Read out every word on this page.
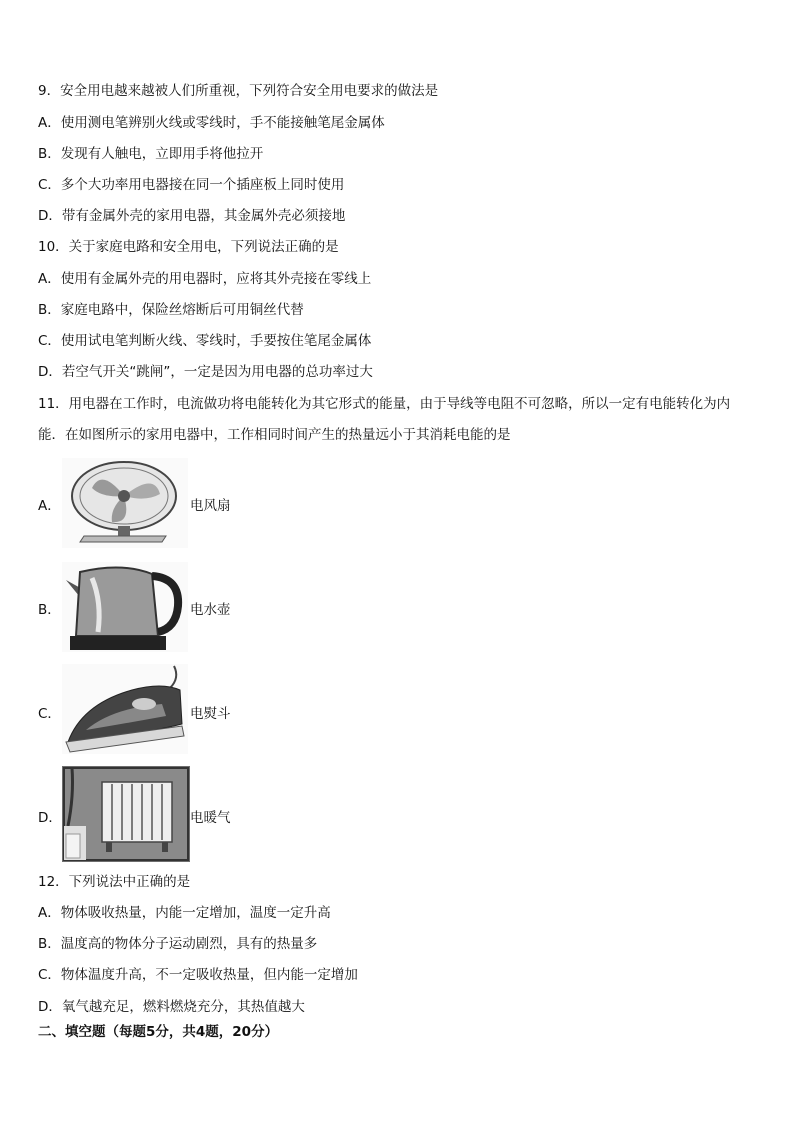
9．安全用电越来越被人们所重视，下列符合安全用电要求的做法是
A．使用测电笔辨别火线或零线时，手不能接触笔尾金属体
B．发现有人触电，立即用手将他拉开
C．多个大功率用电器接在同一个插座板上同时使用
D．带有金属外壳的家用电器，其金属外壳必须接地
10．关于家庭电路和安全用电，下列说法正确的是
A．使用有金属外壳的用电器时，应将其外壳接在零线上
B．家庭电路中，保险丝熔断后可用铜丝代替
C．使用试电笔判断火线、零线时，手要按住笔尾金属体
D．若空气开关“跳闸”，一定是因为用电器的总功率过大
11．用电器在工作时，电流做功将电能转化为其它形式的能量，由于导线等电阻不可忽略，所以一定有电能转化为内
能．在如图所示的家用电器中，工作相同时间产生的热量远小于其消耗电能的是
A．	电风扇
B．	电水壶
C．	电熨斗
D．	电暖气
12．下列说法中正确的是
A．物体吸收热量，内能一定增加，温度一定升高
B．温度高的物体分子运动剧烈，具有的热量多
C．物体温度升高，不一定吸收热量，但内能一定增加
D．氧气越充足，燃料燃烧充分，其热值越大
二、填空题（每题5分，共4题，20分）
